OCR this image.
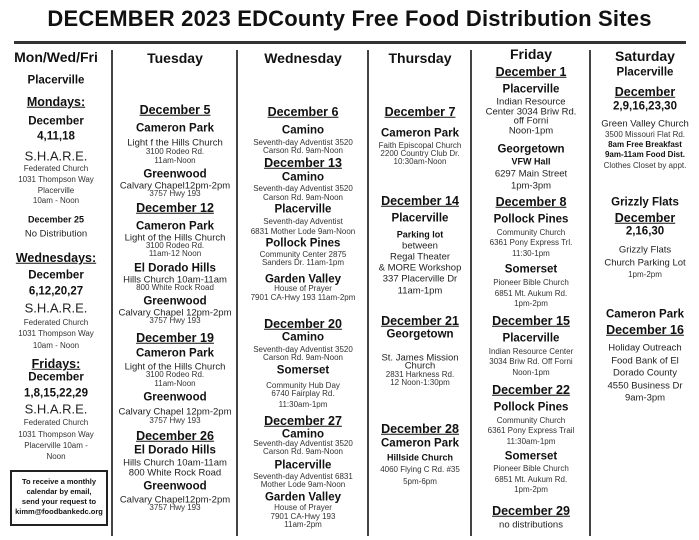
DECEMBER 2023 EDCounty Free Food Distribution Sites
Mon/Wed/Fri
Placerville
Mondays:
December
4,11,18
S.H.A.R.E.
Federated Church
1031 Thompson Way
Placerville
10am - Noon
December 25
No Distribution
Wednesdays:
December
6,12,20,27
S.H.A.R.E.
Federated Church
1031 Thompson Way
10am - Noon
Fridays:
December
1,8,15,22,29
S.H.A.R.E.
Federated Church
1031 Thompson Way
Placerville 10am -
Noon
To receive a monthly
calendar by email,
send your request to
kimm@foodbankedc.org
Tuesday
December 5
Cameron Park
Light f the Hills Church
3100 Rodeo Rd.
11am-Noon
Greenwood
Calvary Chapel12pm-2pm
3757 Hwy 193
December 12
Cameron Park
Light of the Hills Church
3100 Rodeo Rd.
11am-12 Noon
El Dorado Hills
Hills Church 10am-11am
800 White Rock Road
Greenwood
Calvary Chapel 12pm-2pm
3757 Hwy 193
December 19
Cameron Park
Light of the Hills Church
3100 Rodeo Rd.
11am-Noon
Greenwood
Calvary Chapel 12pm-2pm
3757 Hwy 193
December 26
El Dorado Hills
Hills Church 10am-11am
800 White Rock Road
Greenwood
Calvary Chapel12pm-2pm
3757 Hwy 193
Wednesday
December 6
Camino
Seventh-day Adventist 3520
Carson Rd. 9am-Noon
December 13
Camino
Seventh-day Adventist 3520
Carson Rd. 9am-Noon
Placerville
Seventh-day Adventist
6831 Mother Lode 9am-Noon
Pollock Pines
Community Center 2875
Sanders Dr. 11am-1pm
Garden Valley
House of Prayer
7901 CA-Hwy 193 11am-2pm
December 20
Camino
Seventh-day Adventist 3520
Carson Rd. 9am-Noon
Somerset
Community Hub Day
6740 Fairplay Rd.
11:30am-1pm
December 27
Camino
Seventh-day Adventist 3520
Carson Rd. 9am-Noon
Placerville
Seventh-day Adventist 6831
Mother Lode 9am-Noon
Garden Valley
House of Prayer
7901 CA-Hwy 193
11am-2pm
Thursday
December 7
Cameron Park
Faith Episcopal Church
2200 Country Club Dr.
10:30am-Noon
December 14
Placerville
Parking lot
between
Regal Theater
& MORE Workshop
337 Placerville Dr
11am-1pm
December 21
Georgetown
St. James Mission
Church
2831 Harkness Rd.
12 Noon-1:30pm
December 28
Cameron Park
Hillside Church
4060 Flying C Rd. #35
5pm-6pm
Friday
December 1
Placerville
Indian Resource
Center 3034 Briw Rd.
off Forni
Noon-1pm
Georgetown
VFW Hall
6297 Main Street
1pm-3pm
December 8
Pollock Pines
Community Church
6361 Pony Express Trl.
11:30-1pm
Somerset
Pioneer Bible Church
6851 Mt. Aukum Rd.
1pm-2pm
December 15
Placerville
Indian Resource Center
3034 Briw Rd. Off Forni
Noon-1pm
December 22
Pollock Pines
Community Church
6361 Pony Express Trail
11:30am-1pm
Somerset
Pioneer Bible Church
6851 Mt. Aukum Rd.
1pm-2pm
December 29
no distributions
Saturday
Placerville
December
2,9,16,23,30
Green Valley Church
3500 Missouri Flat Rd.
8am Free Breakfast
9am-11am Food Dist.
Clothes Closet by appt.
Grizzly Flats
December
2,16,30
Grizzly Flats
Church Parking Lot
1pm-2pm
Cameron Park
December 16
Holiday Outreach
Food Bank of El
Dorado County
4550 Business Dr
9am-3pm
